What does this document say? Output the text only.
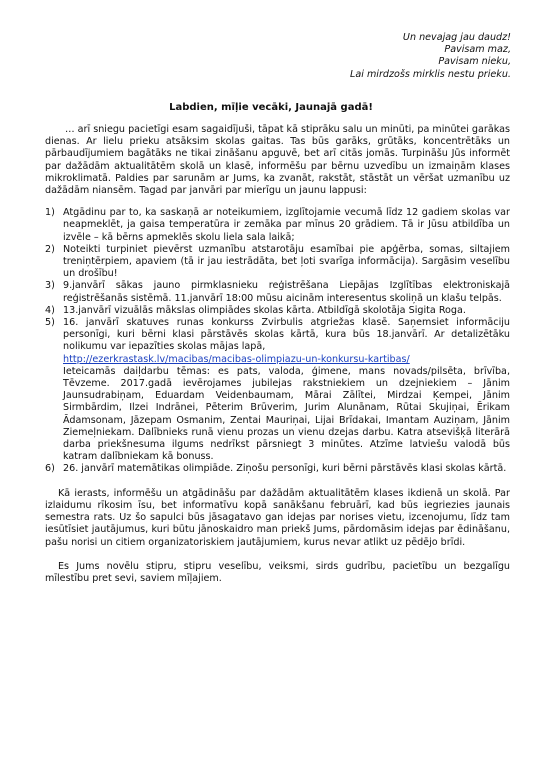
Un nevajag jau daudz!
Pavisam maz,
Pavisam nieku,
Lai mirdzošs mirklis nestu prieku.
Labdien, mīļie vecāki, Jaunajā gadā!

… arī sniegu pacietīgi esam sagaidījuši, tāpat kā stiprāku salu un minūti, pa minūtei garākas dienas. Ar lielu prieku atsāksim skolas gaitas. Tas būs garāks, grūtāks, koncentrētāks un pārbaudījumiem bagātāks ne tikai zināšanu apguvē, bet arī citās jomās. Turpināšu Jūs informēt par dažādām aktualitātēm skolā un klasē, informēšu par bērnu uzvedību un izmaiņām klases mikroklimatā. Paldies par sarunām ar Jums, ka zvanāt, rakstāt, stāstāt un vēršat uzmanību uz dažādām niansēm. Tagad par janvāri par mierīgu un jaunu lappusi:

1) Atgādinu par to, ka saskaņā ar noteikumiem, izglītojamie vecumā līdz 12 gadiem skolas var neapmeklēt, ja gaisa temperatūra ir zemāka par mīnus 20 grādiem. Tā ir Jūsu atbildība un izvēle – kā bērns apmeklēs skolu liela sala laikā;
2) Noteikti turpiniet pievērst uzmanību atstarotāju esamībai pie apģērba, somas, siltajiem treniņtērpiem, apaviem (tā ir jau iestrādāta, bet ļoti svarīga informācija). Sargāsim veselību un drošību!
3) 9.janvārī sākas jauno pirmklasnieku reģistrēšana Liepājas Izglītības elektroniskajā reģistrēšanās sistēmā. 11.janvārī 18:00 mūsu aicinām interesentus skoliņā un klašu telpās.
4) 13.janvārī vizuālās mākslas olimpiādes skolas kārta. Atbildīgā skolotāja Sigita Roga.
5) 16. janvārī skatuves runas konkurss Zvirbulis atgriežas klasē. Saņemsiet informāciju personīgi, kuri bērni klasi pārstāvēs skolas kārtā, kura būs 18.janvārī. Ar detalizētāku nolikumu var iepazīties skolas mājas lapā,
http://ezerkrastask.lv/macibas/macibas-olimpiazu-un-konkursu-kartibas/
Ieteicamās daiļdarbu tēmas: es pats, valoda, ģimene, mans novads/pilsēta, brīvība, Tēvzeme. 2017.gadā ievērojames jubilejas rakstniekiem un dzejniekiem – Jānim Jaunsudrabiņam, Eduardam Veidenbaumam, Mārai Zālītei, Mirdzai Ķempei, Jānim Sirmbārdim, Ilzei Indrānei, Pēterim Brūverim, Jurim Alunānam, Rūtai Skujiņai, Ērikam Ādamsonam, Jāzepam Osmanim, Zentai Mauriņai, Lijai Brīdakai, Imantam Auziņam, Jānim Ziemeļniekam. Dalībnieks runā vienu prozas un vienu dzejas darbu. Katra atsevišķā literārā darba priekšnesuma ilgums nedrīkst pārsniegt 3 minūtes. Atzīme latviešu valodā būs katram dalībniekam kā bonuss.
6) 26. janvārī matemātikas olimpiāde. Ziņošu personīgi, kuri bērni pārstāvēs klasi skolas kārtā.

Kā ierasts, informēšu un atgādināšu par dažādām aktualitātēm klases ikdienā un skolā. Par izlaidumu rīkosim īsu, bet informatīvu kopā sanākšanu februārī, kad būs iegriezies jaunais semestra rats. Uz šo sapulci būs jāsagatavo gan idejas par norises vietu, izcenojumu, līdz tam iesūtīsiet jautājumus, kuri būtu jānoskaidro man priekš Jums, pārdomāsim idejas par ēdināšanu, pašu norisi un citiem organizatoriskiem jautājumiem, kurus nevar atlikt uz pēdējo brīdi.

Es Jums novēlu stipru, stipru veselību, veiksmi, sirds gudrību, pacietību un bezgalīgu mīlestību pret sevi, saviem mīļajiem.
